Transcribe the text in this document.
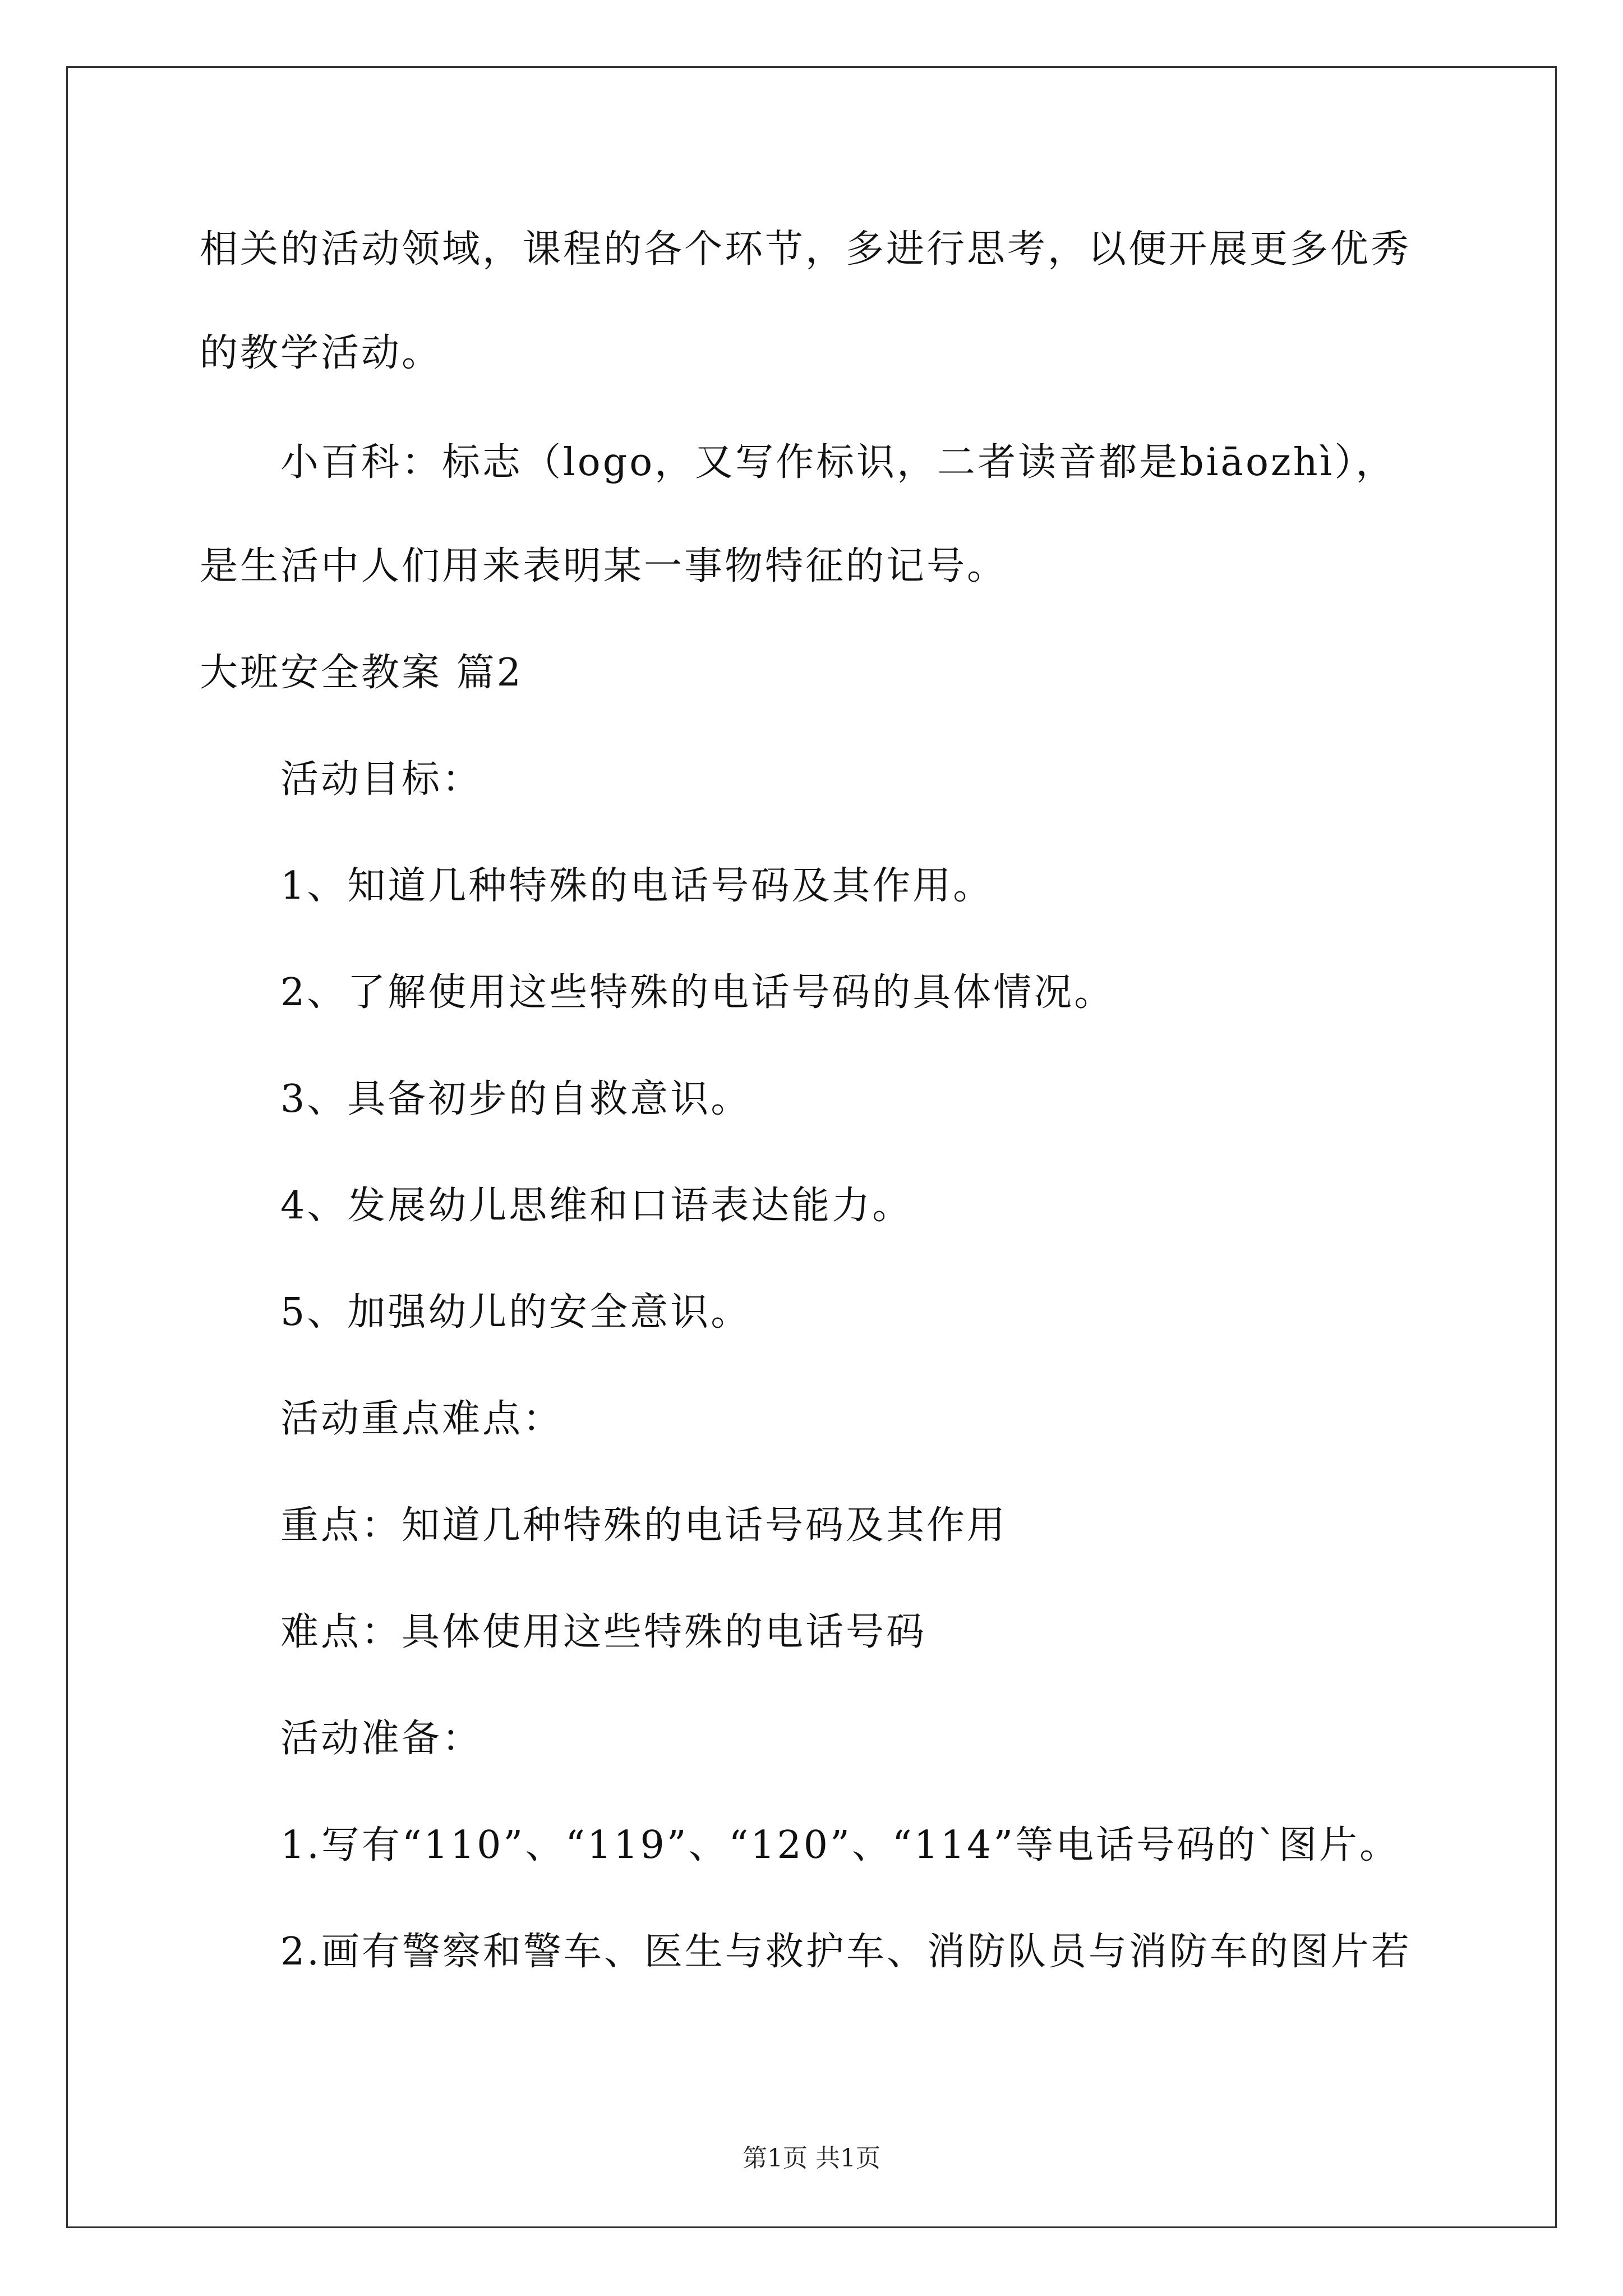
相关的活动领域，课程的各个环节，多进行思考，以便开展更多优秀
的教学活动。
小百科：标志（logo，又写作标识，二者读音都是biāozhì），
是生活中人们用来表明某一事物特征的记号。
大班安全教案 篇2
活动目标：
1、知道几种特殊的电话号码及其作用。
2、了解使用这些特殊的电话号码的具体情况。
3、具备初步的自救意识。
4、发展幼儿思维和口语表达能力。
5、加强幼儿的安全意识。
活动重点难点：
重点：知道几种特殊的电话号码及其作用
难点：具体使用这些特殊的电话号码
活动准备：
1.写有“110”、“119”、“120”、“114”等电话号码的`图片。
2.画有警察和警车、医生与救护车、消防队员与消防车的图片若
第1页 共1页
